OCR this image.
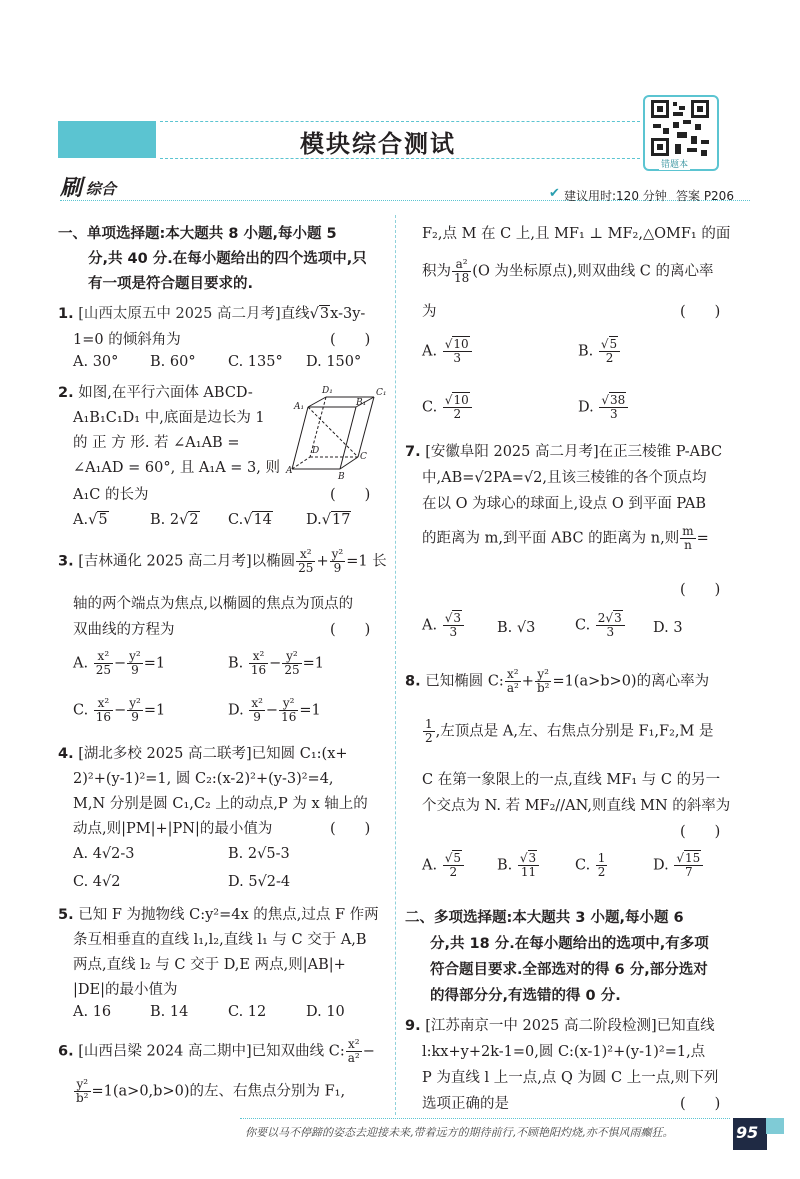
模块综合测试
错题本
刷 综合	✔ 建议用时:120 分钟 答案 P206
一、单项选择题:本大题共 8 小题,每小题 5
分,共 40 分.在每小题给出的四个选项中,只
有一项是符合题目要求的.
1. [山西太原五中 2025 高二月考]直线√3x-3y-
1=0 的倾斜角为	(　　)
A. 30° B. 60° C. 135° D. 150°
2. 如图,在平行六面体 ABCD-
A₁B₁C₁D₁ 中,底面是边长为 1
的 正 方 形. 若 ∠A₁AB =
∠A₁AD = 60°, 且 A₁A = 3, 则
A₁C 的长为	(　　)
D₁	C₁
A₁	B₁
D
C
A
B
A.√5	B. 2√2 C.√14 D.√17
3. [吉林通化 2025 高二月考]以椭圆 $\frac{\text{x²}}{25} + \frac{\text{y²}}{9} =1$ 长
轴的两个端点为焦点,以椭圆的焦点为顶点的
双曲线的方程为	(　　)
A. $\frac{\text{x²}}{25} - \frac{\text{y²}}{9} =1$	B. $\frac{\text{x²}}{16} - \frac{\text{y²}}{25} =1$
C. $\frac{\text{x²}}{16} - \frac{\text{y²}}{9} =1$	D. $\frac{\text{x²}}{9} - \frac{\text{y²}}{16} =1$
4. [湖北多校 2025 高二联考]已知圆 C₁:(x+
2)²+(y-1)²=1, 圆 C₂:(x-2)²+(y-3)²=4,
M,N 分别是圆 C₁,C₂ 上的动点,P 为 x 轴上的
动点,则|PM|+|PN|的最小值为	(　　)
A. 4√2-3	B. 2√5-3
C. 4√2	D. 5√2-4
5. 已知 F 为抛物线 C:y²=4x 的焦点,过点 F 作两
条互相垂直的直线 l₁,l₂,直线 l₁ 与 C 交于 A,B
两点,直线 l₂ 与 C 交于 D,E 两点,则|AB|+
|DE|的最小值为
A. 16	B. 14	C. 12	D. 10
6. [山西吕梁 2024 高二期中]已知双曲线 C: $\frac{\text{x²}}{\text{a²}}$ −
$\frac{\text{y²}}{\text{b²}} =1(a>0,b>0)$的左、右焦点分别为 F₁,
F₂,点 M 在 C 上,且 MF₁ ⊥ MF₂,△OMF₁ 的面
积为 $\frac{\text{a²}}{18} (O$ 为坐标原点),则双曲线 C 的离心率
为	(　　)
A. $\frac{√10}{3}$	B. $\frac{√5}{2}$
C. $\frac{√10}{2}$	D. $\frac{√38}{3}$
7. [安徽阜阳 2025 高二月考]在正三棱锥 P-ABC
中,AB=√2PA=√2,且该三棱锥的各个顶点均
在以 O 为球心的球面上,设点 O 到平面 PAB
的距离为 m,到平面 ABC 的距离为 n,则 $\frac{m}{n}$ =
(　　)
A. $\frac{√3}{3} B$. √3	C. $\frac{2√3}{3} D$. 3
8. 已知椭圆 C: $\frac{\text{x²}}{\text{a²}} + \frac{\text{y²}}{\text{b²}} =1(a>b>0)$的离心率为
$\frac{1}{2}$ ,左顶点是 A,左、右焦点分别是 F₁,F₂,M 是
C 在第一象限上的一点,直线 MF₁ 与 C 的另一
个交点为 N. 若 MF₂//AN,则直线 MN 的斜率为
(　　)
A. $\frac{√5}{2} B$. $\frac{√3}{11} C$. $\frac{1}{2}$	D. $\frac{√15}{7}$
二、多项选择题:本大题共 3 小题,每小题 6
分,共 18 分.在每小题给出的选项中,有多项
符合题目要求.全部选对的得 6 分,部分选对
的得部分分,有选错的得 0 分.
9. [江苏南京一中 2025 高二阶段检测]已知直线
l:kx+y+2k-1=0,圆 C:(x-1)²+(y-1)²=1,点
P 为直线 l 上一点,点 Q 为圆 C 上一点,则下列
选项正确的是	(　　)
你要以马不停蹄的姿态去迎接未来,带着远方的期待前行,不顾艳阳灼烧,亦不惧风雨癫狂。	95
